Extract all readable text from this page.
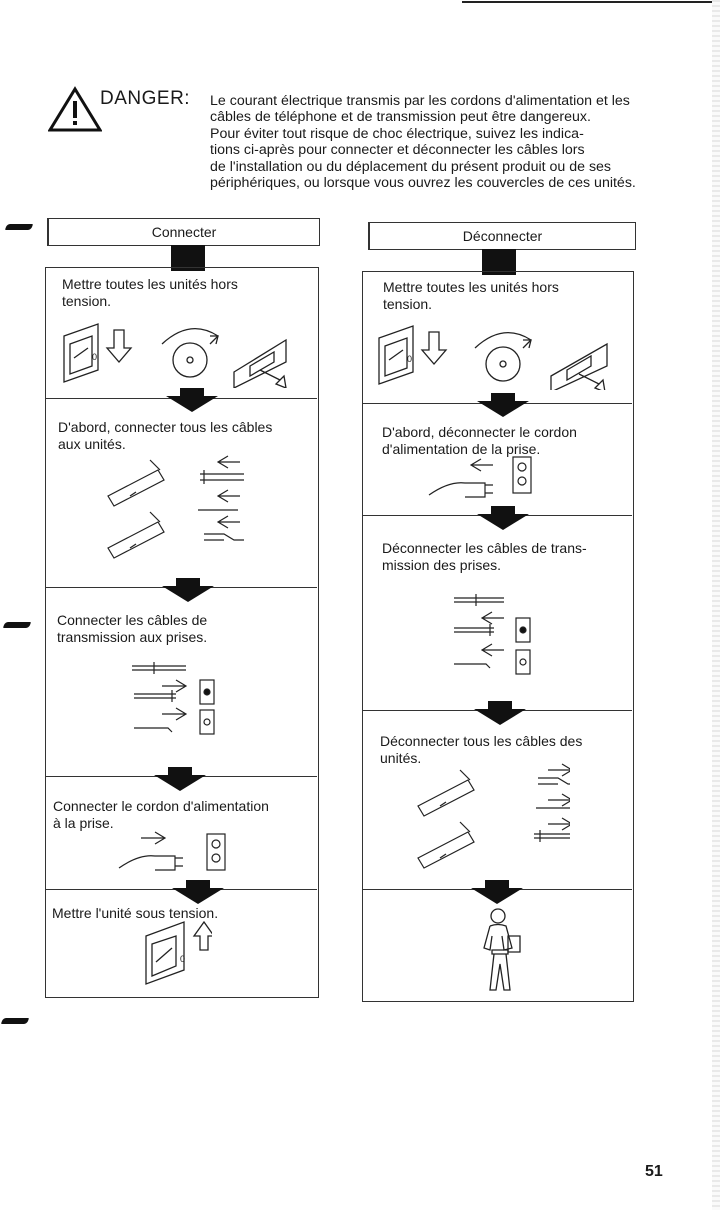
DANGER: Le courant électrique transmis par les cordons d'alimentation et les
câbles de téléphone et de transmission peut être dangereux.
Pour éviter tout risque de choc électrique, suivez les indica-
tions ci-après pour connecter et déconnecter les câbles lors
de l'installation ou du déplacement du présent produit ou de ses
périphériques, ou lorsque vous ouvrez les couvercles de ces unités.

Connecter

Mettre toutes les unités hors
tension.

0

D'abord, connecter tous les câbles
aux unités.

Connecter les câbles de
transmission aux prises.

Connecter le cordon d'alimentation
à la prise.

Mettre l'unité sous tension.

0
Déconnecter

Mettre toutes les unités hors
tension.

0

D'abord, déconnecter le cordon
d'alimentation de la prise.

Déconnecter les câbles de trans-
mission des prises.

Déconnecter tous les câbles des
unités.

51
